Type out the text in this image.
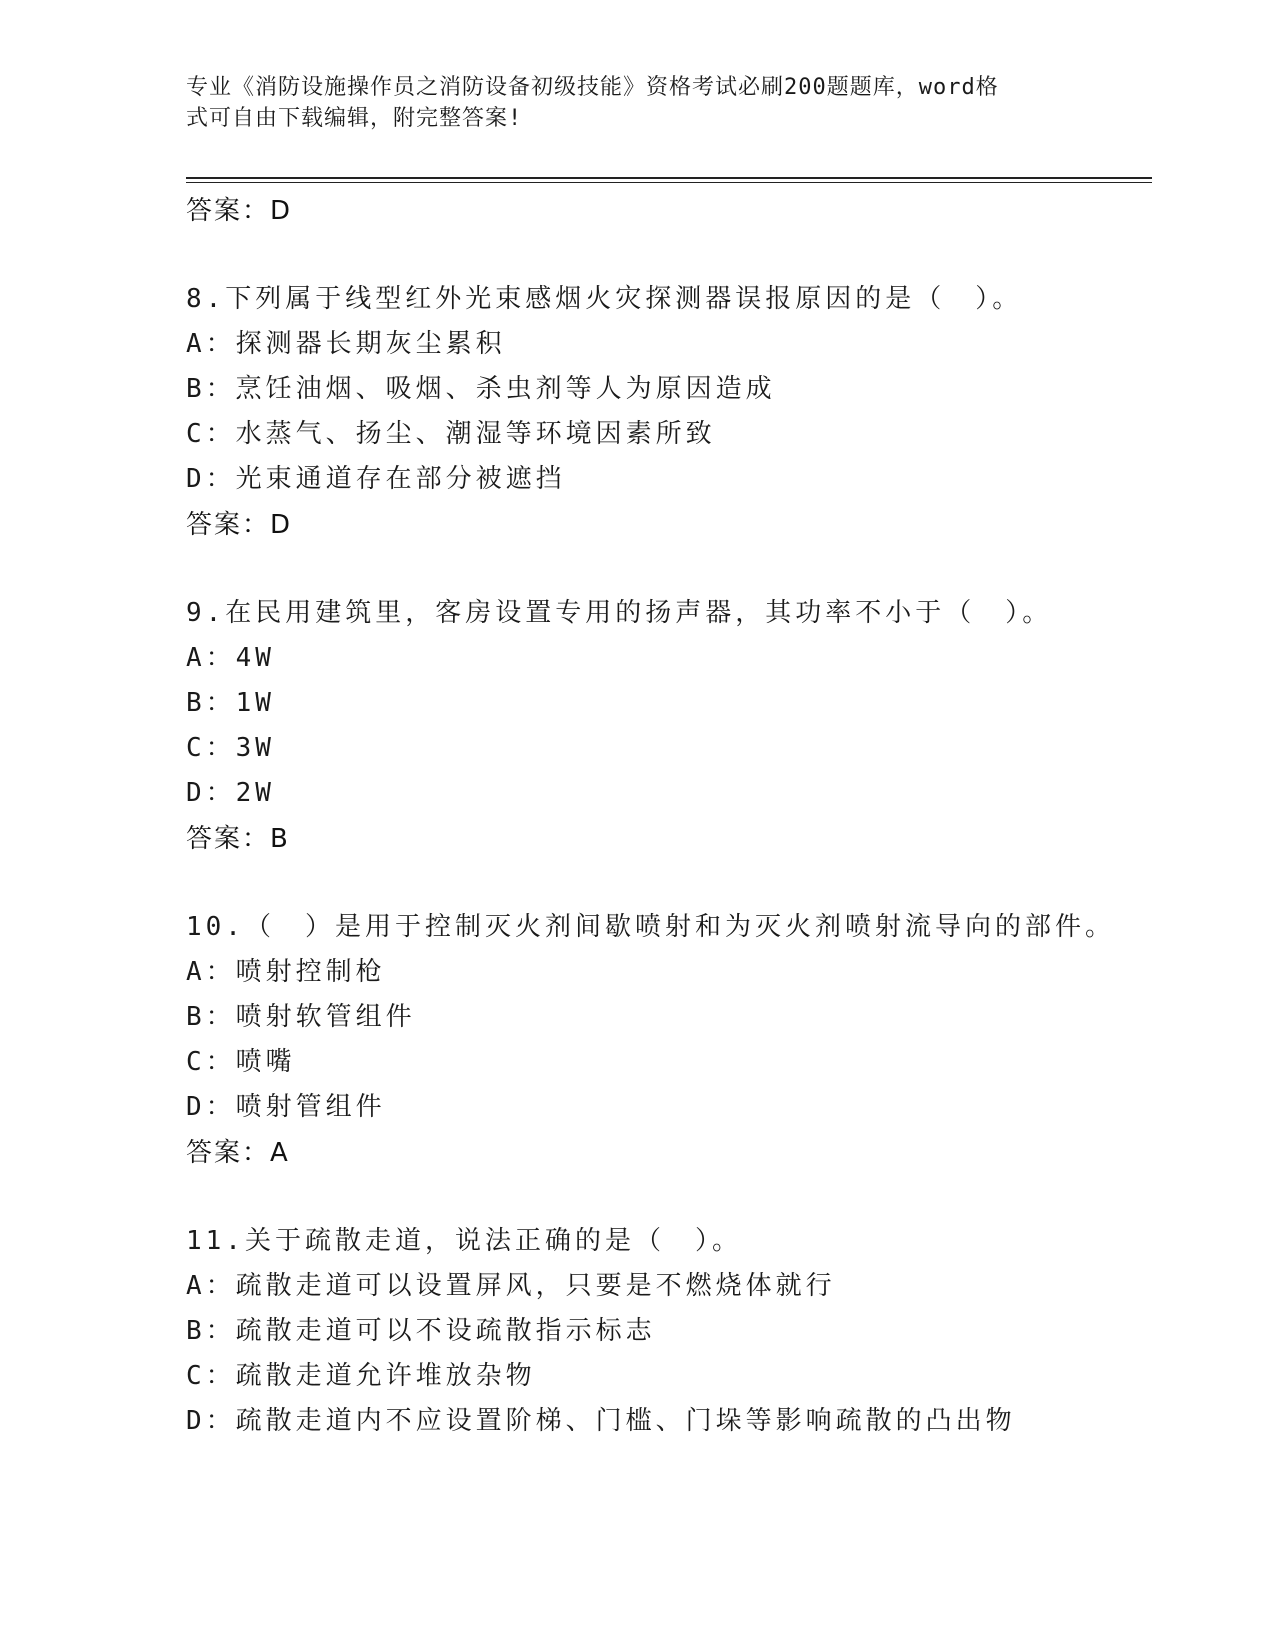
专业《消防设施操作员之消防设备初级技能》资格考试必刷200题题库，word格
式可自由下载编辑，附完整答案!
答案：D
8.下列属于线型红外光束感烟火灾探测器误报原因的是（　）。
A：探测器长期灰尘累积
B：烹饪油烟、吸烟、杀虫剂等人为原因造成
C：水蒸气、扬尘、潮湿等环境因素所致
D：光束通道存在部分被遮挡
答案：D
9.在民用建筑里，客房设置专用的扬声器，其功率不小于（　）。
A：4W
B：1W
C：3W
D：2W
答案：B
10.（　）是用于控制灭火剂间歇喷射和为灭火剂喷射流导向的部件。
A：喷射控制枪
B：喷射软管组件
C：喷嘴
D：喷射管组件
答案：A
11.关于疏散走道，说法正确的是（　）。
A：疏散走道可以设置屏风，只要是不燃烧体就行
B：疏散走道可以不设疏散指示标志
C：疏散走道允许堆放杂物
D：疏散走道内不应设置阶梯、门槛、门垛等影响疏散的凸出物
